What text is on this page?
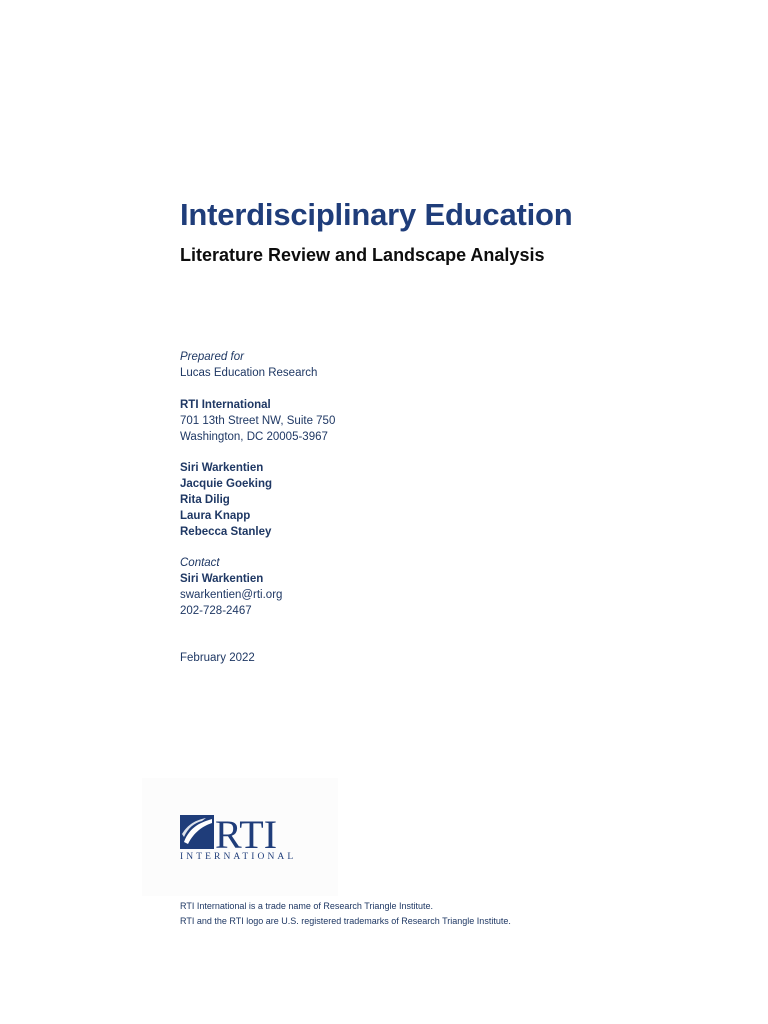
Interdisciplinary Education
Literature Review and Landscape Analysis
Prepared for
Lucas Education Research
RTI International
701 13th Street NW, Suite 750
Washington, DC 20005-3967
Siri Warkentien
Jacquie Goeking
Rita Dilig
Laura Knapp
Rebecca Stanley
Contact
Siri Warkentien
swarkentien@rti.org
202-728-2467
February 2022
RTI
INTERNATIONAL
RTI International is a trade name of Research Triangle Institute.
RTI and the RTI logo are U.S. registered trademarks of Research Triangle Institute.
